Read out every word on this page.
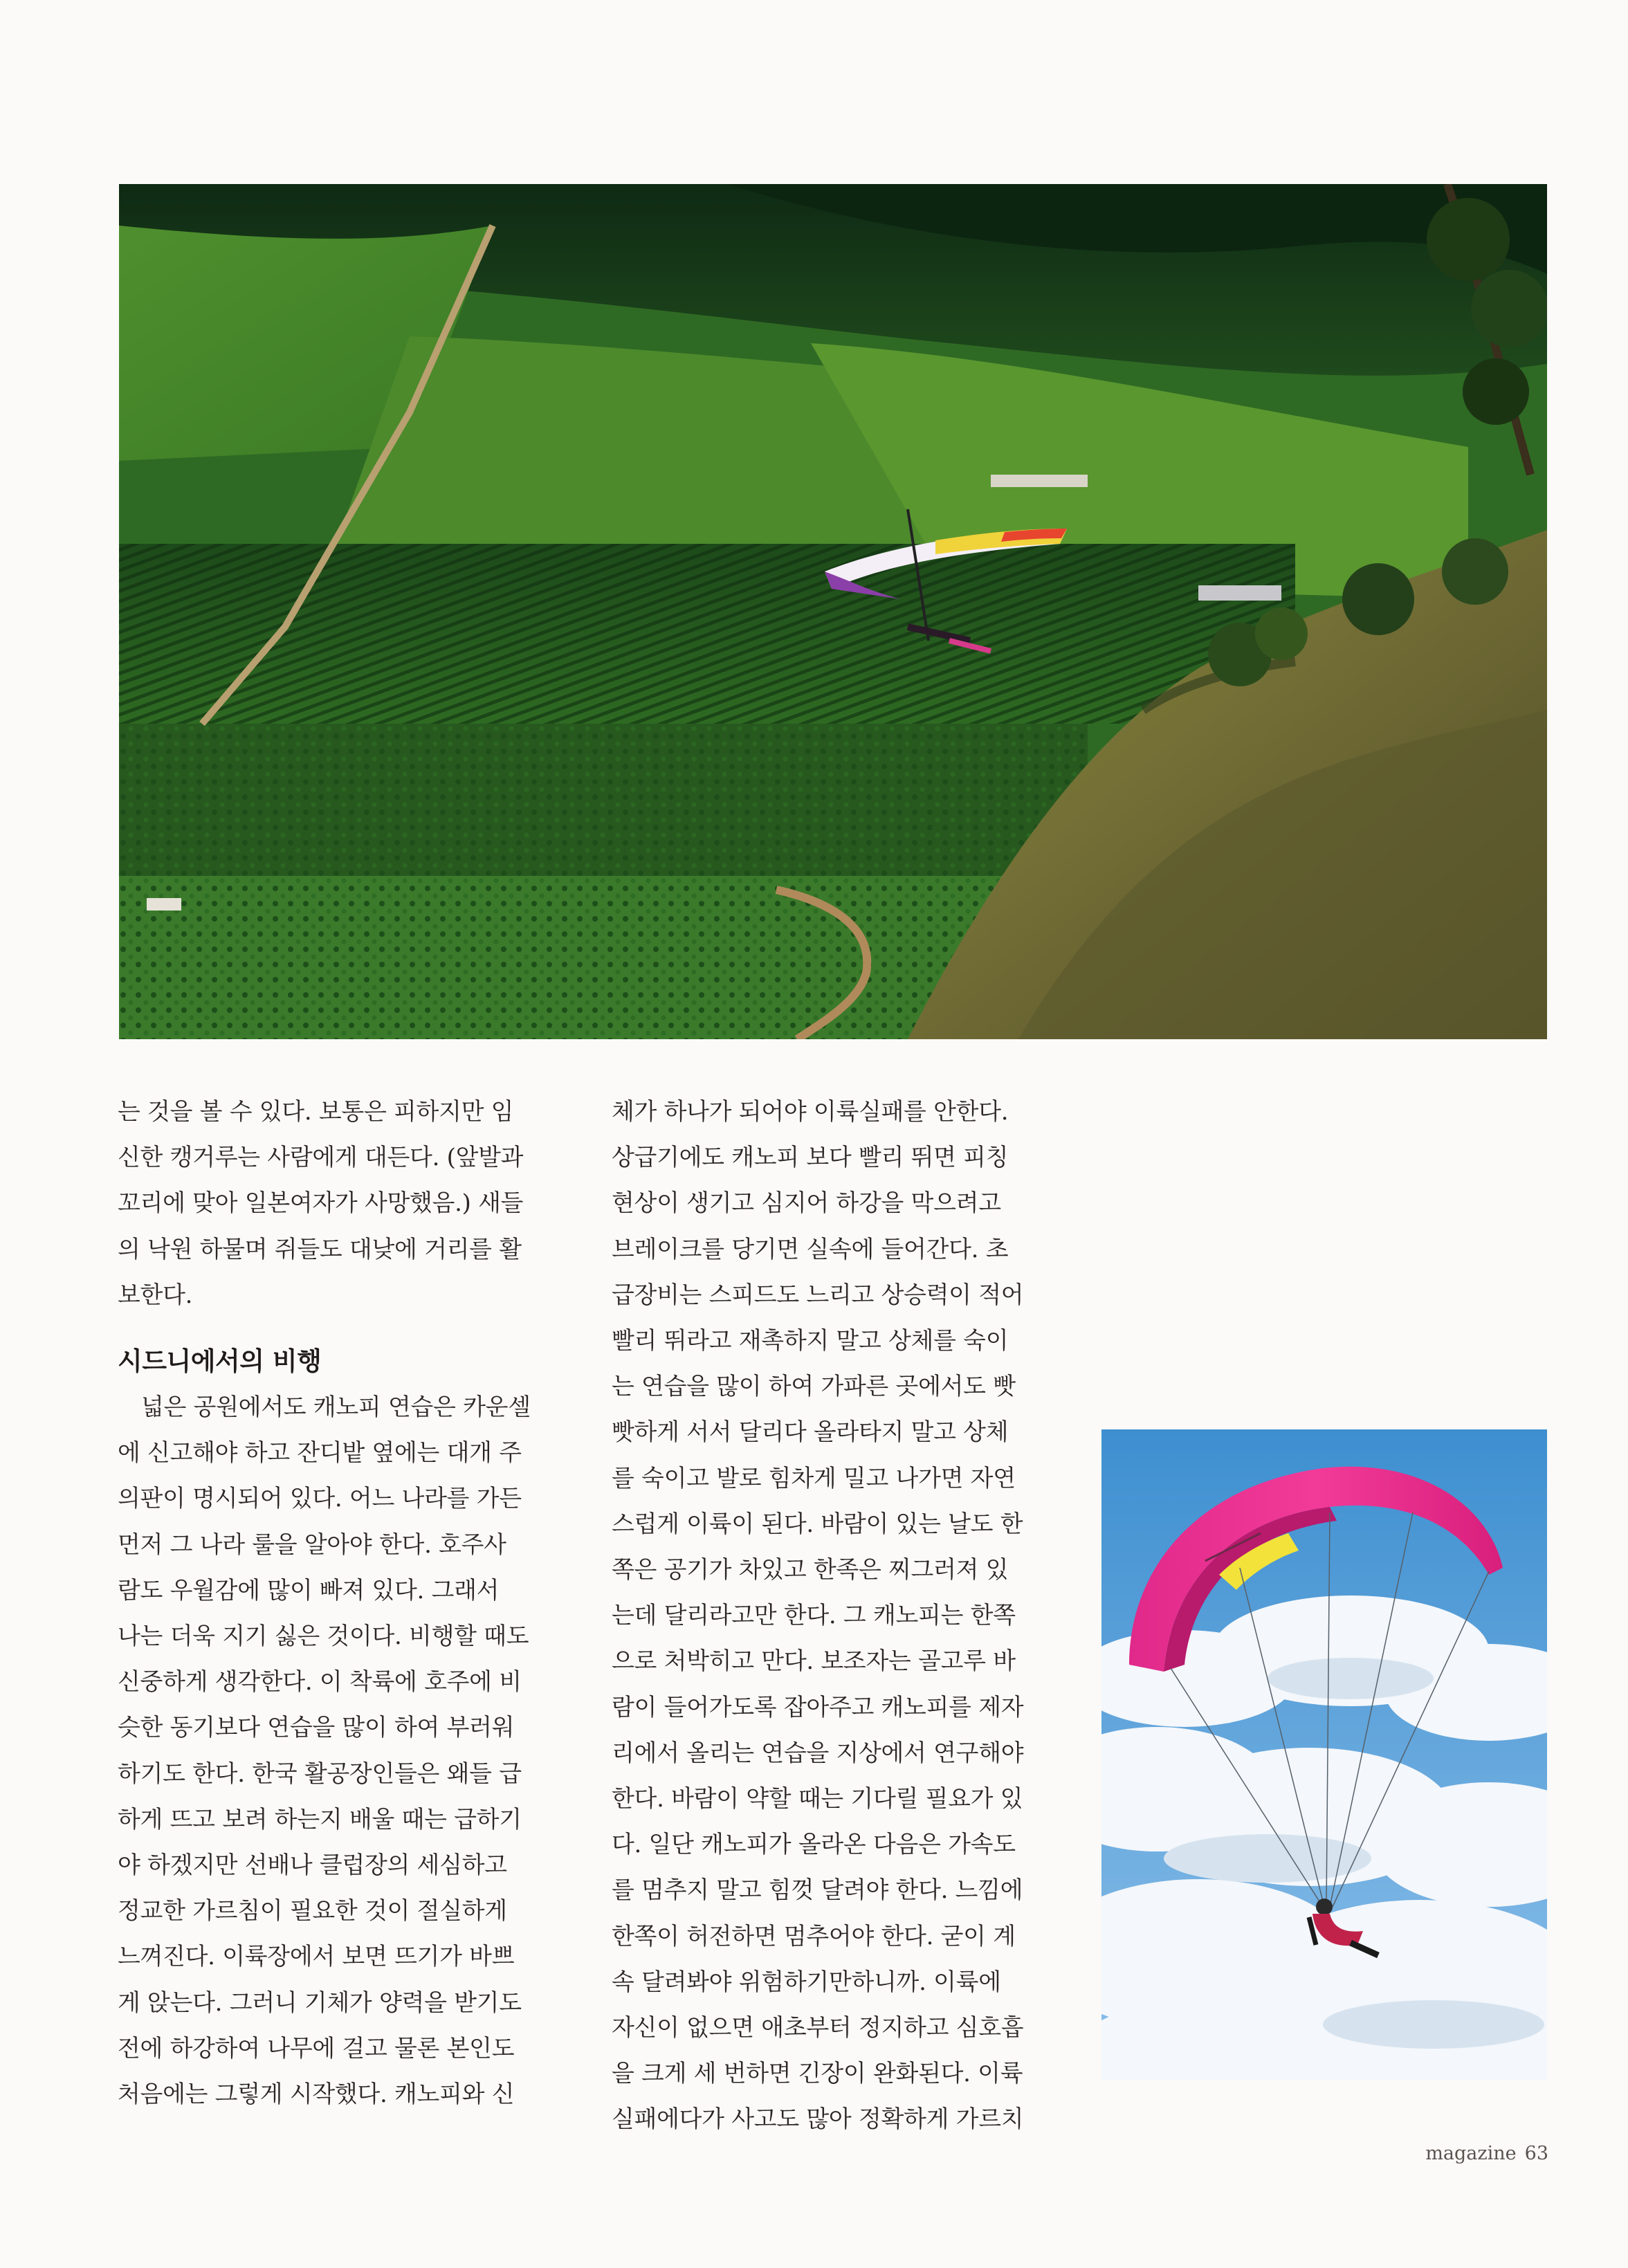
는 것을 볼 수 있다. 보통은 피하지만 임
신한 캥거루는 사람에게 대든다. (앞발과
꼬리에 맞아 일본여자가 사망했음.) 새들
의 낙원 하물며 쥐들도 대낮에 거리를 활
보한다.

시드니에서의 비행

넓은 공원에서도 캐노피 연습은 카운셀
에 신고해야 하고 잔디밭 옆에는 대개 주
의판이 명시되어 있다. 어느 나라를 가든
먼저 그 나라 룰을 알아야 한다. 호주사
람도 우월감에 많이 빠져 있다. 그래서
나는 더욱 지기 싫은 것이다. 비행할 때도
신중하게 생각한다. 이 착륙에 호주에 비
슷한 동기보다 연습을 많이 하여 부러워
하기도 한다. 한국 활공장인들은 왜들 급
하게 뜨고 보려 하는지 배울 때는 급하기
야 하겠지만 선배나 클럽장의 세심하고
정교한 가르침이 필요한 것이 절실하게
느껴진다. 이륙장에서 보면 뜨기가 바쁘
게 앉는다. 그러니 기체가 양력을 받기도
전에 하강하여 나무에 걸고 물론 본인도
처음에는 그렇게 시작했다. 캐노피와 신

체가 하나가 되어야 이륙실패를 안한다.
상급기에도 캐노피 보다 빨리 뛰면 피칭
현상이 생기고 심지어 하강을 막으려고
브레이크를 당기면 실속에 들어간다. 초
급장비는 스피드도 느리고 상승력이 적어
빨리 뛰라고 재촉하지 말고 상체를 숙이
는 연습을 많이 하여 가파른 곳에서도 빳
빳하게 서서 달리다 올라타지 말고 상체
를 숙이고 발로 힘차게 밀고 나가면 자연
스럽게 이륙이 된다. 바람이 있는 날도 한
쪽은 공기가 차있고 한족은 찌그러져 있
는데 달리라고만 한다. 그 캐노피는 한쪽
으로 처박히고 만다. 보조자는 골고루 바
람이 들어가도록 잡아주고 캐노피를 제자
리에서 올리는 연습을 지상에서 연구해야
한다. 바람이 약할 때는 기다릴 필요가 있
다. 일단 캐노피가 올라온 다음은 가속도
를 멈추지 말고 힘껏 달려야 한다. 느낌에
한쪽이 허전하면 멈추어야 한다. 굳이 계
속 달려봐야 위험하기만하니까. 이륙에
자신이 없으면 애초부터 정지하고 심호흡
을 크게 세 번하면 긴장이 완화된다. 이륙
실패에다가 사고도 많아 정확하게 가르치

magazine 63
